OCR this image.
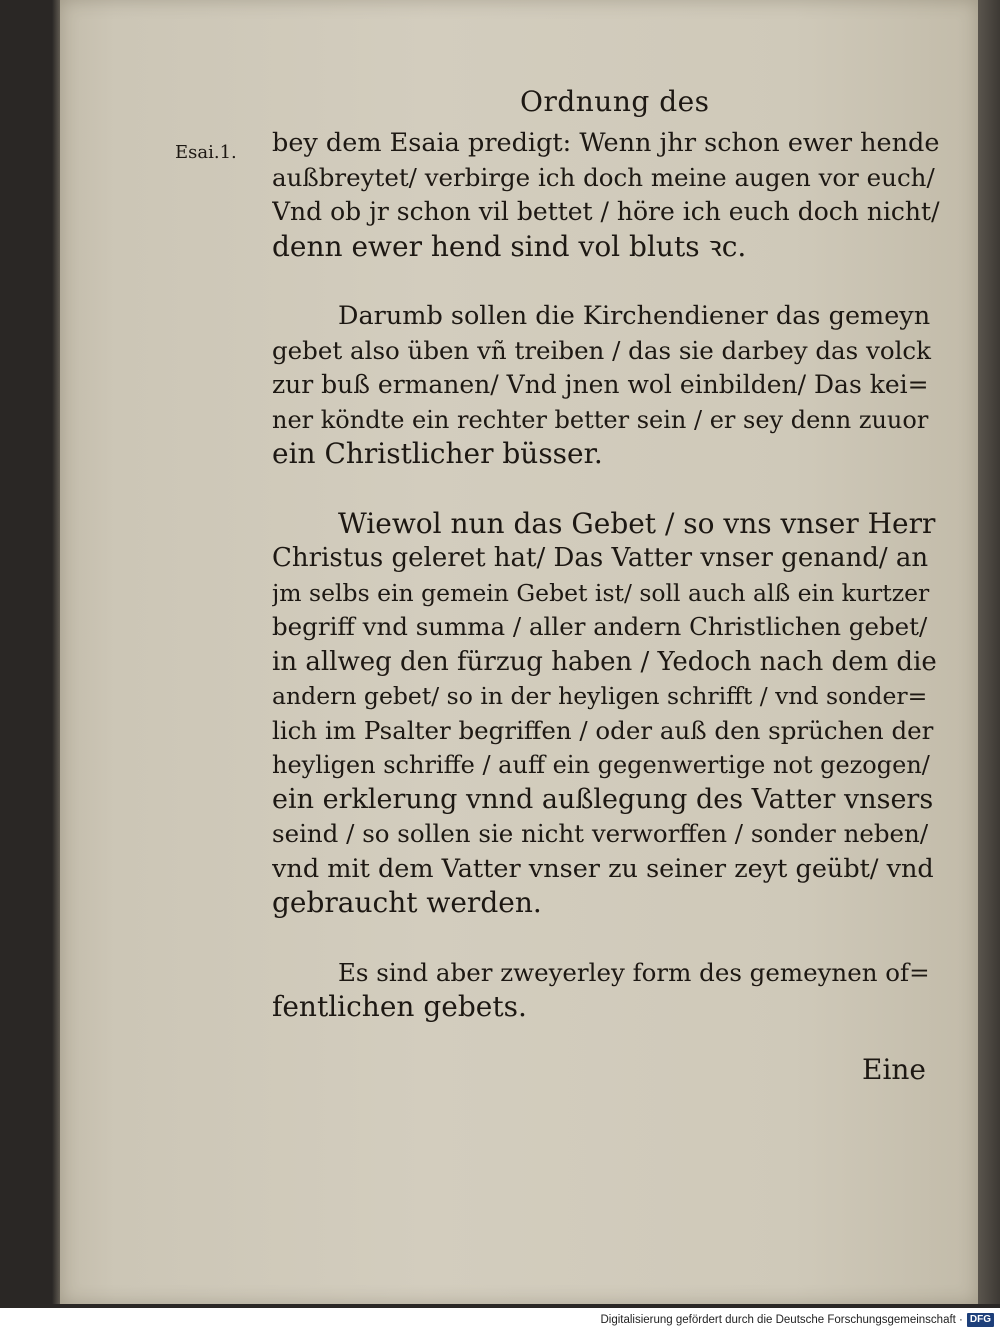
Ordnung des
Esai.1. bey dem Esaia predigt: Wenn jhr schon ewer hende
außbreytet/ verbirge ich doch meine augen vor euch/
Vnd ob jr schon vil bettet / höre ich euch doch nicht/
denn ewer hend sind vol bluts ꝛc.
Darumb sollen die Kirchendiener das gemeyn
gebet also üben vñ treiben / das sie darbey das volck
zur buß ermanen/ Vnd jnen wol einbilden/ Das kei=
ner köndte ein rechter better sein / er sey denn zuuor
ein Christlicher büsser.
Wiewol nun das Gebet / so vns vnser Herr
Christus geleret hat/ Das Vatter vnser genand/ an
jm selbs ein gemein Gebet ist/ soll auch alß ein kurtzer
begriff vnd summa / aller andern Christlichen gebet/
in allweg den fürzug haben / Yedoch nach dem die
andern gebet/ so in der heyligen schrifft / vnd sonder=
lich im Psalter begriffen / oder auß den sprüchen der
heyligen schriffe / auff ein gegenwertige not gezogen/
ein erklerung vnnd außlegung des Vatter vnsers
seind / so sollen sie nicht verworffen / sonder neben/
vnd mit dem Vatter vnser zu seiner zeyt geübt/ vnd
gebraucht werden.
Es sind aber zweyerley form des gemeynen of=
fentlichen gebets.
Eine
Digitalisierung gefördert durch die Deutsche Forschungsgemeinschaft · DFG
